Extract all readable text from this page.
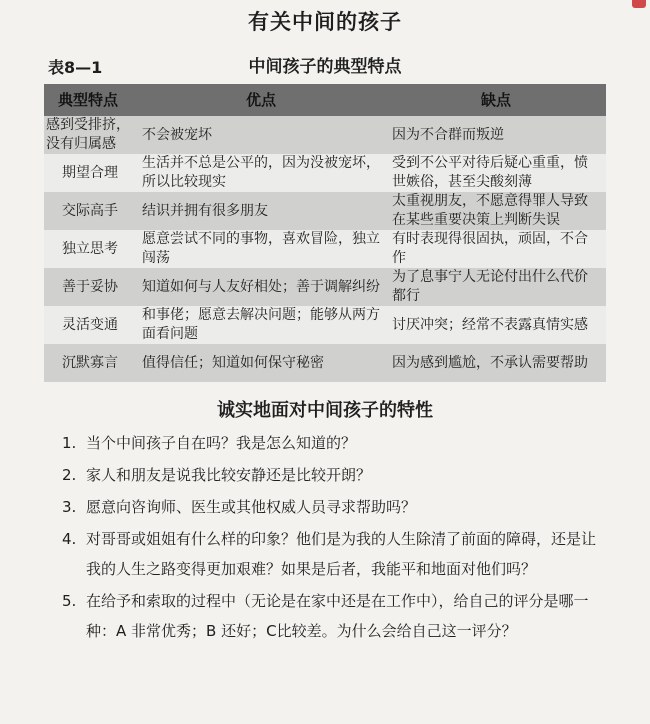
有关中间的孩子
表8—1	中间孩子的典型特点
典型特点	优点	缺点
感到受排挤，没有归属感	不会被宠坏	因为不合群而叛逆
期望合理	生活并不总是公平的，因为没被宠坏，所以比较现实	受到不公平对待后疑心重重，愤世嫉俗，甚至尖酸刻薄
交际高手	结识并拥有很多朋友	太重视朋友，不愿意得罪人导致在某些重要决策上判断失误
独立思考	愿意尝试不同的事物，喜欢冒险，独立闯荡	有时表现得很固执，顽固，不合作
善于妥协	知道如何与人友好相处；善于调解纠纷	为了息事宁人无论付出什么代价都行
灵活变通	和事佬；愿意去解决问题；能够从两方面看问题	讨厌冲突；经常不表露真情实感
沉默寡言	值得信任；知道如何保守秘密	因为感到尴尬，不承认需要帮助
诚实地面对中间孩子的特性
1. 当个中间孩子自在吗？我是怎么知道的？
2. 家人和朋友是说我比较安静还是比较开朗？
3. 愿意向咨询师、医生或其他权威人员寻求帮助吗？
4. 对哥哥或姐姐有什么样的印象？他们是为我的人生除清了前面的障碍，还是让我的人生之路变得更加艰难？如果是后者，我能平和地面对他们吗？
5. 在给予和索取的过程中（无论是在家中还是在工作中），给自己的评分是哪一种：A 非常优秀；B 还好；C比较差。为什么会给自己这一评分？
